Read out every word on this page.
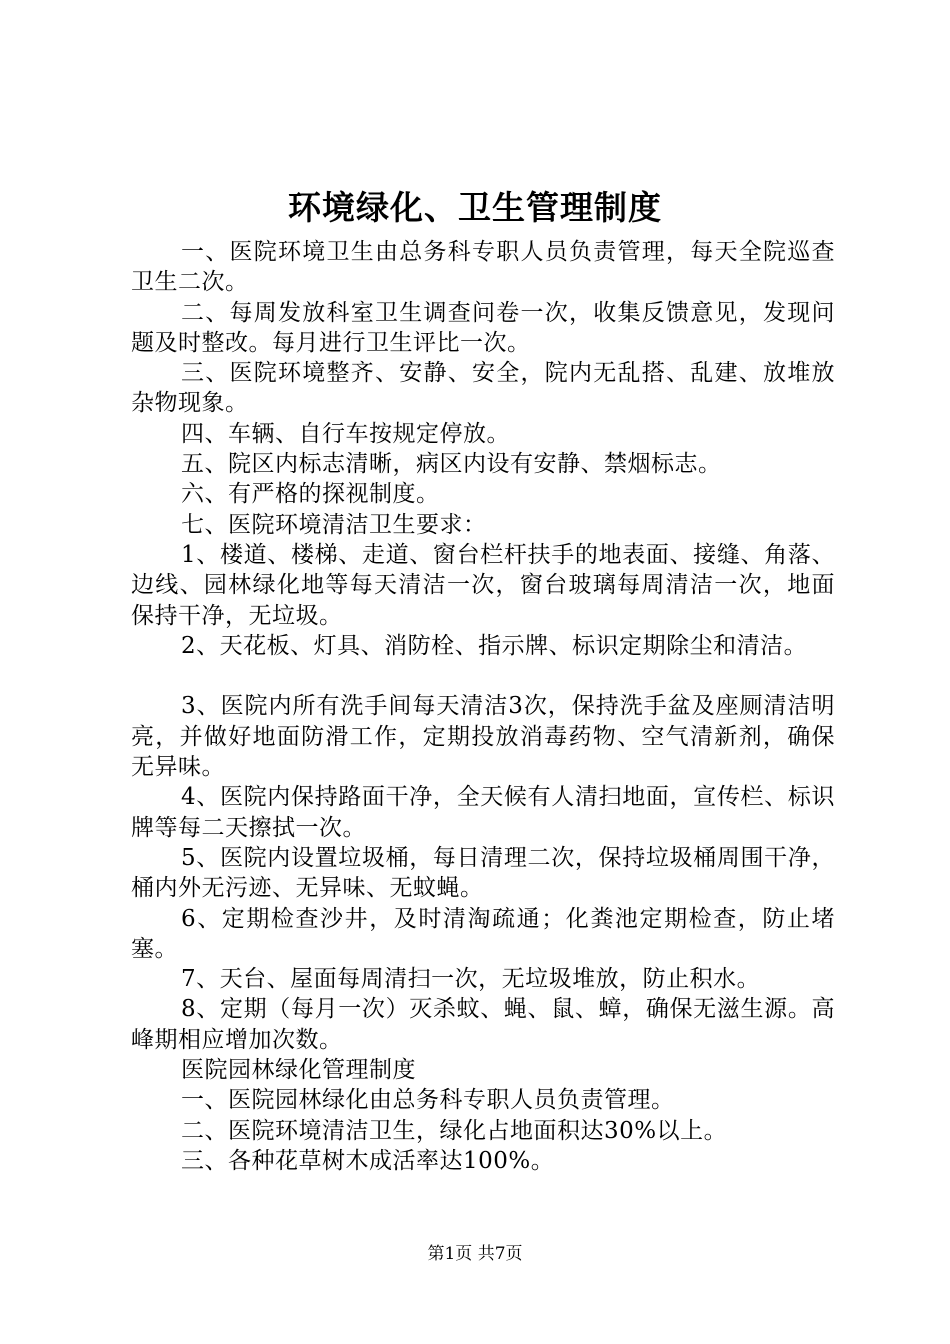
环境绿化、卫生管理制度

一、医院环境卫生由总务科专职人员负责管理，每天全院巡查卫生二次。

二、每周发放科室卫生调查问卷一次，收集反馈意见，发现问题及时整改。每月进行卫生评比一次。

三、医院环境整齐、安静、安全，院内无乱搭、乱建、放堆放杂物现象。

四、车辆、自行车按规定停放。

五、院区内标志清晰，病区内设有安静、禁烟标志。

六、有严格的探视制度。

七、医院环境清洁卫生要求：

1、楼道、楼梯、走道、窗台栏杆扶手的地表面、接缝、角落、边线、园林绿化地等每天清洁一次，窗台玻璃每周清洁一次，地面保持干净，无垃圾。

2、天花板、灯具、消防栓、指示牌、标识定期除尘和清洁。

3、医院内所有洗手间每天清洁3次，保持洗手盆及座厕清洁明亮，并做好地面防滑工作，定期投放消毒药物、空气清新剂，确保无异味。

4、医院内保持路面干净，全天候有人清扫地面，宣传栏、标识牌等每二天擦拭一次。

5、医院内设置垃圾桶，每日清理二次，保持垃圾桶周围干净，桶内外无污迹、无异味、无蚊蝇。

6、定期检查沙井，及时清淘疏通；化粪池定期检查，防止堵塞。

7、天台、屋面每周清扫一次，无垃圾堆放，防止积水。

8、定期（每月一次）灭杀蚊、蝇、鼠、蟑，确保无滋生源。高峰期相应增加次数。

医院园林绿化管理制度

一、医院园林绿化由总务科专职人员负责管理。

二、医院环境清洁卫生，绿化占地面积达30%以上。

三、各种花草树木成活率达100%。

第1页 共7页
